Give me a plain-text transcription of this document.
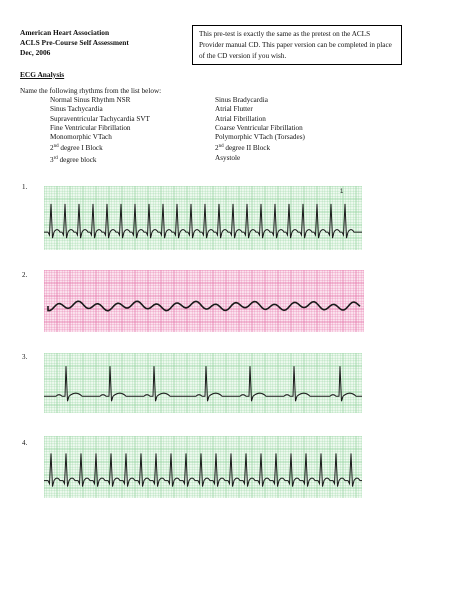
American Heart Association
ACLS Pre-Course Self Assessment
Dec, 2006
This pre-test is exactly the same as the pretest on the ACLS Provider manual CD. This paper version can be completed in place of the CD version if you wish.
ECG Analysis
Name the following rhythms from the list below:
Normal Sinus Rhythm NSR
Sinus Tachycardia
Supraventricular Tachycardia SVT
Fine Ventricular Fibrillation
Monomorphic VTach
2nd degree I Block
3rd degree block
Sinus Bradycardia
Atrial Flutter
Atrial Fibrillation
Coarse Ventricular Fibrillation
Polymorphic VTach (Torsades)
2nd degree II Block
Asystole
1.
1
2.
3.
4.
